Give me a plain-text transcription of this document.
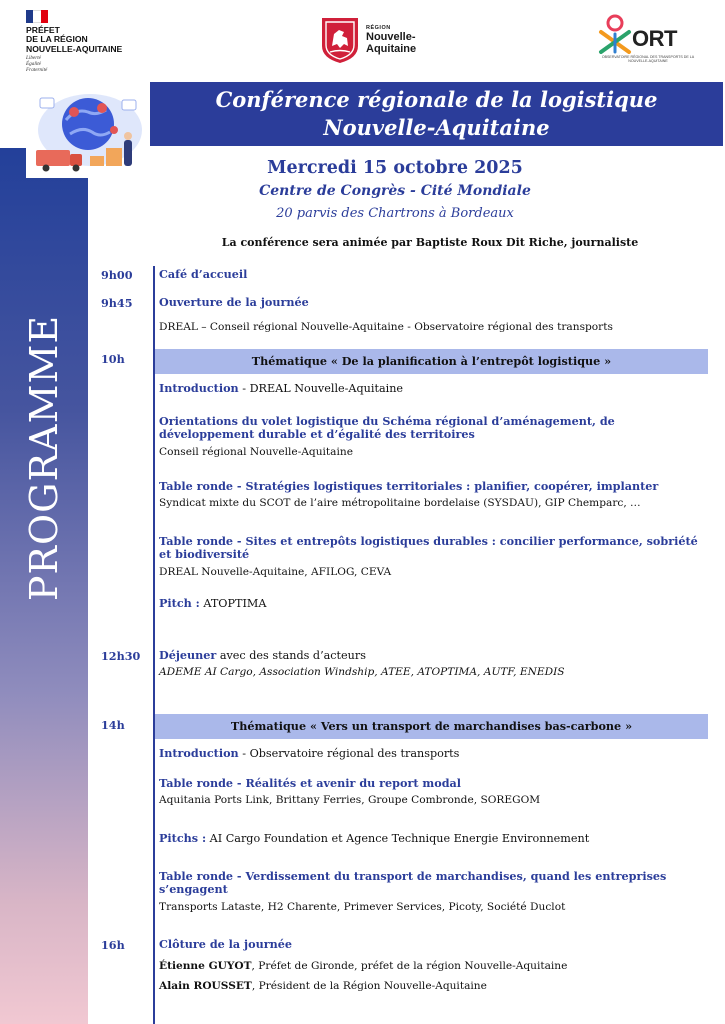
PRÉFET
DE LA RÉGION
NOUVELLE-AQUITAINE
Liberté
Égalité
Fraternité
RÉGION
Nouvelle-
Aquitaine	ORT
OBSERVATOIRE RÉGIONAL DES TRANSPORTS DE LA NOUVELLE-AQUITAINE
PROGRAMME
Conférence régionale de la logistique
Nouvelle-Aquitaine
Mercredi 15 octobre 2025
Centre de Congrès - Cité Mondiale
20 parvis des Chartrons à Bordeaux
La conférence sera animée par Baptiste Roux Dit Riche, journaliste
9h00 Café d’accueil
9h45 Ouverture de la journée
DREAL – Conseil régional Nouvelle-Aquitaine - Observatoire régional des transports
10h	Thématique « De la planification à l’entrepôt logistique »
Introduction - DREAL Nouvelle-Aquitaine
Orientations du volet logistique du Schéma régional d’aménagement, de
développement durable et d’égalité des territoires
Conseil régional Nouvelle-Aquitaine
Table ronde - Stratégies logistiques territoriales : planifier, coopérer, implanter
Syndicat mixte du SCOT de l’aire métropolitaine bordelaise (SYSDAU), GIP Chemparc, …
Table ronde - Sites et entrepôts logistiques durables : concilier performance, sobriété
et biodiversité
DREAL Nouvelle-Aquitaine, AFILOG, CEVA
Pitch : ATOPTIMA
12h30 Déjeuner avec des stands d’acteurs
ADEME AI Cargo, Association Windship, ATEE, ATOPTIMA, AUTF, ENEDIS
14h	Thématique « Vers un transport de marchandises bas-carbone »
Introduction - Observatoire régional des transports
Table ronde - Réalités et avenir du report modal
Aquitania Ports Link, Brittany Ferries, Groupe Combronde, SOREGOM
Pitchs : AI Cargo Foundation et Agence Technique Energie Environnement
Table ronde - Verdissement du transport de marchandises, quand les entreprises
s’engagent
Transports Lataste, H2 Charente, Primever Services, Picoty, Société Duclot
16h	Clôture de la journée
Étienne GUYOT, Préfet de Gironde, préfet de la région Nouvelle-Aquitaine
Alain ROUSSET, Président de la Région Nouvelle-Aquitaine
